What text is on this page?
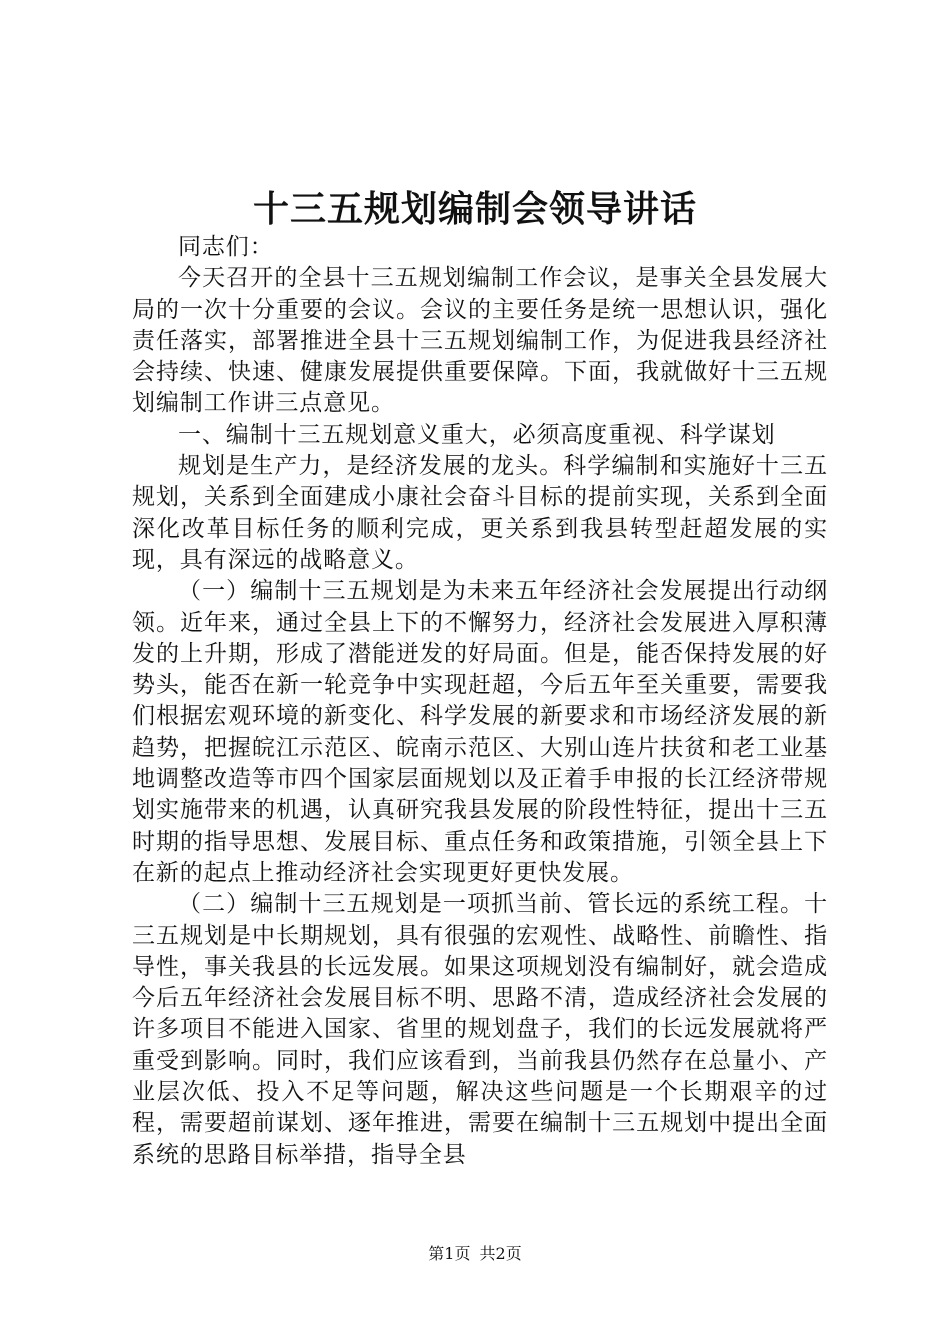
十三五规划编制会领导讲话

同志们：

今天召开的全县十三五规划编制工作会议，是事关全县发展大局的一次十分重要的会议。会议的主要任务是统一思想认识，强化责任落实，部署推进全县十三五规划编制工作，为促进我县经济社会持续、快速、健康发展提供重要保障。下面，我就做好十三五规划编制工作讲三点意见。

一、编制十三五规划意义重大，必须高度重视、科学谋划

规划是生产力，是经济发展的龙头。科学编制和实施好十三五规划，关系到全面建成小康社会奋斗目标的提前实现，关系到全面深化改革目标任务的顺利完成，更关系到我县转型赶超发展的实现，具有深远的战略意义。

（一）编制十三五规划是为未来五年经济社会发展提出行动纲领。近年来，通过全县上下的不懈努力，经济社会发展进入厚积薄发的上升期，形成了潜能迸发的好局面。但是，能否保持发展的好势头，能否在新一轮竞争中实现赶超，今后五年至关重要，需要我们根据宏观环境的新变化、科学发展的新要求和市场经济发展的新趋势，把握皖江示范区、皖南示范区、大别山连片扶贫和老工业基地调整改造等市四个国家层面规划以及正着手申报的长江经济带规划实施带来的机遇，认真研究我县发展的阶段性特征，提出十三五时期的指导思想、发展目标、重点任务和政策措施，引领全县上下在新的起点上推动经济社会实现更好更快发展。

（二）编制十三五规划是一项抓当前、管长远的系统工程。十三五规划是中长期规划，具有很强的宏观性、战略性、前瞻性、指导性，事关我县的长远发展。如果这项规划没有编制好，就会造成今后五年经济社会发展目标不明、思路不清，造成经济社会发展的许多项目不能进入国家、省里的规划盘子，我们的长远发展就将严重受到影响。同时，我们应该看到，当前我县仍然存在总量小、产业层次低、投入不足等问题，解决这些问题是一个长期艰辛的过程，需要超前谋划、逐年推进，需要在编制十三五规划中提出全面系统的思路目标举措，指导全县

第1页 共2页
